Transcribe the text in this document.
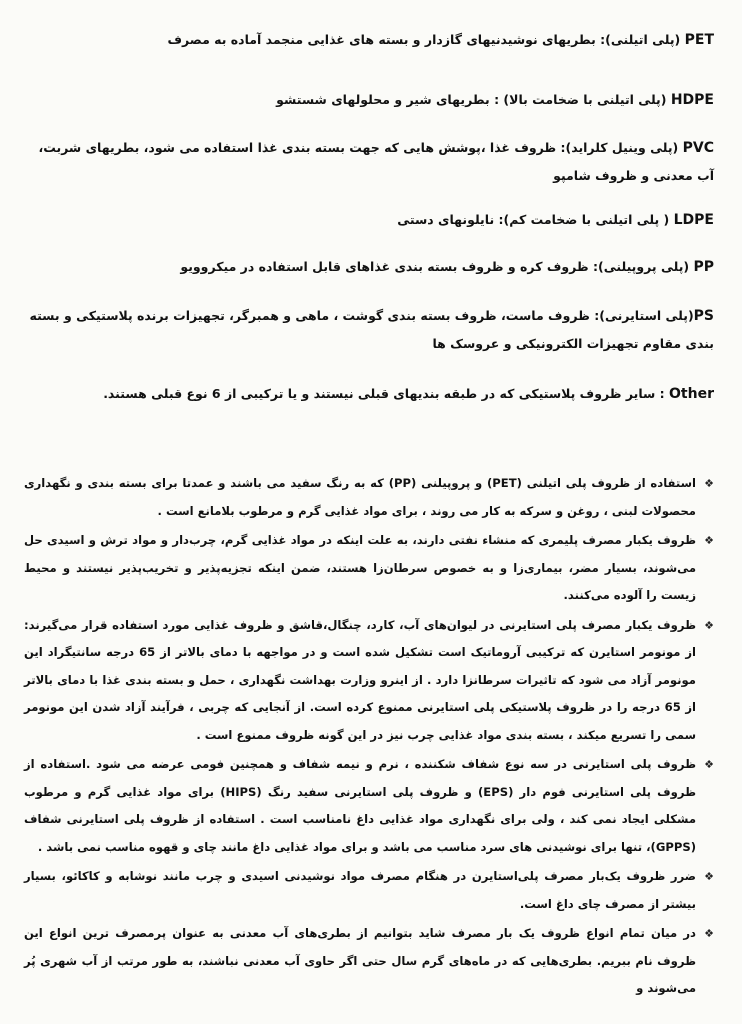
PET (پلی اتیلنی): بطریهای نوشیدنیهای گازدار و بسته های غذایی منجمد آماده به مصرف

HDPE (پلی اتیلنی با ضخامت بالا) : بطریهای شیر و محلولهای شستشو

PVC (پلی وینیل کلراید): ظروف غذا ،پوشش هایی که جهت بسته بندی غذا استفاده می شود، بطریهای شربت، آب معدنی و ظروف شامپو

LDPE ( پلی اتیلنی با ضخامت کم): نایلونهای دستی

PP (پلی پروپیلنی): ظروف کره و ظروف بسته بندی غذاهای قابل استفاده در میکروویو

PS(پلی استایرنی): ظروف ماست، ظروف بسته بندی گوشت ، ماهی و همبرگر، تجهیزات برنده پلاستیکی و بسته بندی مقاوم تجهیزات الکترونیکی و عروسک ها

Other : سایر ظروف پلاستیکی که در طبقه بندیهای قبلی نیستند و یا ترکیبی از 6 نوع قبلی هستند.

❖
استفاده از ظروف پلی اتیلنی (PET) و پروپیلنی (PP) که به رنگ سفید می باشند و عمدتا برای بسته بندی و نگهداری محصولات لبنی ، روغن و سرکه به کار می روند ، برای مواد غذایی گرم و مرطوب بلامانع است .
❖
ظروف یکبار مصرف پلیمری که منشاء نفتی دارند، به علت اینکه در مواد غذایی گرم، چرب‌دار و مواد ترش و اسیدی حل می‌شوند، بسیار مضر، بیماری‌زا و به خصوص سرطان‌زا هستند، ضمن اینکه تجزیه‌پذیر و تخریب‌پذیر نیستند و محیط زیست را آلوده می‌کنند.
❖
ظروف یکبار مصرف پلی استایرنی در لیوان‌های آب، کارد، چنگال،قاشق و ظروف غذایی مورد استفاده قرار می‌گیرند: از مونومر استایرن که ترکیبی آروماتیک است تشکیل شده است و در مواجهه با دمای بالاتر از 65 درجه سانتیگراد این مونومر آزاد می شود که تاثیرات سرطانزا دارد . از اینرو وزارت بهداشت نگهداری ، حمل و بسته بندی غذا با دمای بالاتر از 65 درجه را در ظروف پلاستیکی پلی استایرنی ممنوع کرده است. از آنجایی که چربی ، فرآیند آزاد شدن این مونومر سمی را تسریع میکند ، بسته بندی مواد غذایی چرب نیز در این گونه ظروف ممنوع است .
❖
ظروف پلی استایرنی در سه نوع شفاف شکننده ، نرم و نیمه شفاف و همچنین فومی عرضه می شود .استفاده از ظروف پلی استایرنی فوم دار (EPS) و ظروف پلی استایرنی سفید رنگ (HIPS) برای مواد غذایی گرم و مرطوب مشکلی ایجاد نمی کند ، ولی برای نگهداری مواد غذایی داغ نامناسب است . استفاده از ظروف پلی استایرنی شفاف (GPPS)، تنها برای نوشیدنی های سرد مناسب می باشد و برای مواد غذایی داغ مانند چای و قهوه مناسب نمی باشد .
❖
ضرر ظروف یک‌بار مصرف پلی‌استایرن در هنگام مصرف مواد نوشیدنی اسیدی و چرب مانند نوشابه و کاکائو، بسیار بیشتر از مصرف چای داغ است.
❖
در میان تمام انواع ظروف یک بار مصرف شاید بتوانیم از بطری‌های آب معدنی به عنوان پرمصرف ترین انواع این ظروف نام ببریم. بطری‌هایی که در ماه‌های گرم سال حتی اگر حاوی آب معدنی نباشند، به طور مرتب از آب شهری پُر می‌شوند و
